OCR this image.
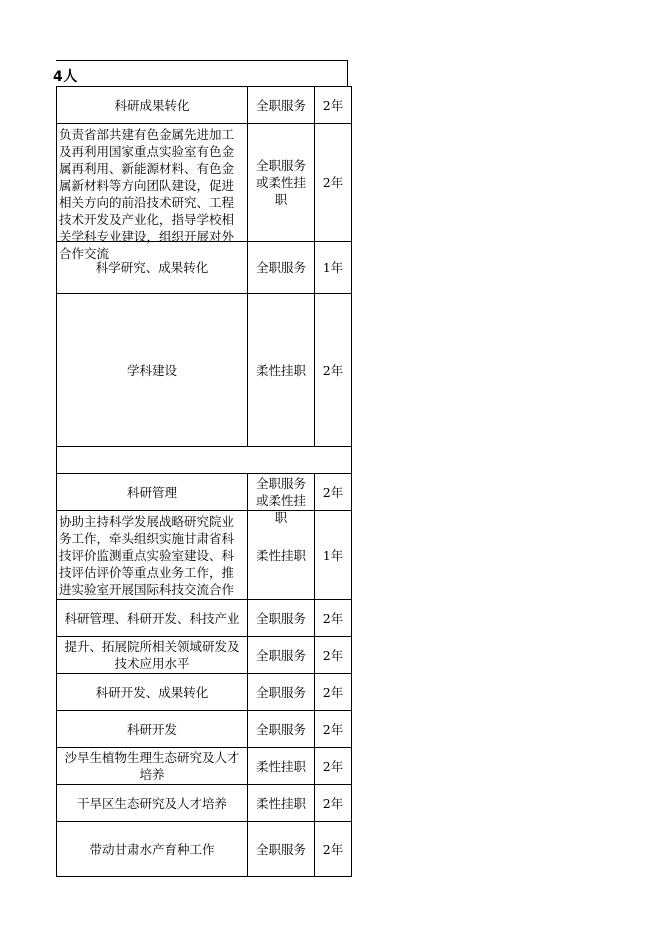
4人
科研成果转化	全职服务	2年

负责省部共建有色金属先进加工及再利用国家重点实验室有色金属再利用、新能源材料、有色金属新材料等方向团队建设，促进相关方向的前沿技术研究、工程技术开发及产业化，指导学校相关学科专业建设，组织开展对外合作交流	全职服务或柔性挂职	2年

科学研究、成果转化	全职服务	1年

学科建设	柔性挂职	2年

科研管理	全职服务或柔性挂职	2年

协助主持科学发展战略研究院业务工作，牵头组织实施甘肃省科技评价监测重点实验室建设、科技评估评价等重点业务工作，推进实验室开展国际科技交流合作	柔性挂职	1年

科研管理、科研开发、科技产业	全职服务	2年

提升、拓展院所相关领域研发及技术应用水平	全职服务	2年

科研开发、成果转化	全职服务	2年

科研开发	全职服务	2年

沙旱生植物生理生态研究及人才培养	柔性挂职	2年

干旱区生态研究及人才培养	柔性挂职	2年

带动甘肃水产育种工作	全职服务	2年
